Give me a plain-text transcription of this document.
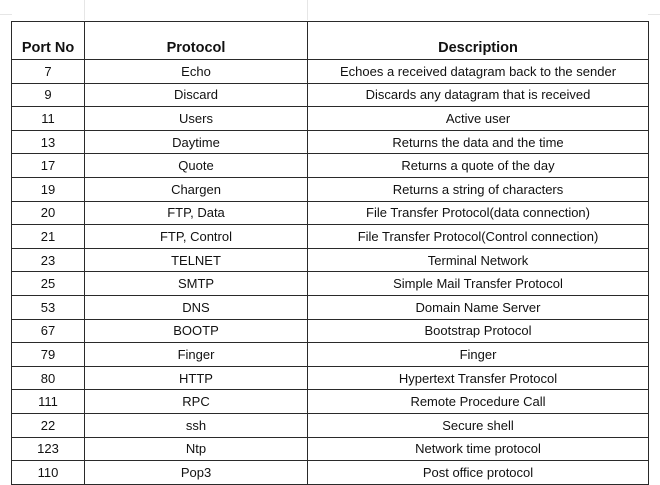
Port No	Protocol	Description
7	Echo	Echoes a received datagram back to the sender
9	Discard	Discards any datagram that is received
11	Users	Active user
13	Daytime	Returns the data and the time
17	Quote	Returns a quote of the day
19	Chargen	Returns a string of characters
20	FTP, Data	File Transfer Protocol(data connection)
21	FTP, Control	File Transfer Protocol(Control connection)
23	TELNET	Terminal Network
25	SMTP	Simple Mail Transfer Protocol
53	DNS	Domain Name Server
67	BOOTP	Bootstrap Protocol
79	Finger	Finger
80	HTTP	Hypertext Transfer Protocol
111	RPC	Remote Procedure Call
22	ssh	Secure shell
123	Ntp	Network time protocol
110	Pop3	Post office protocol
